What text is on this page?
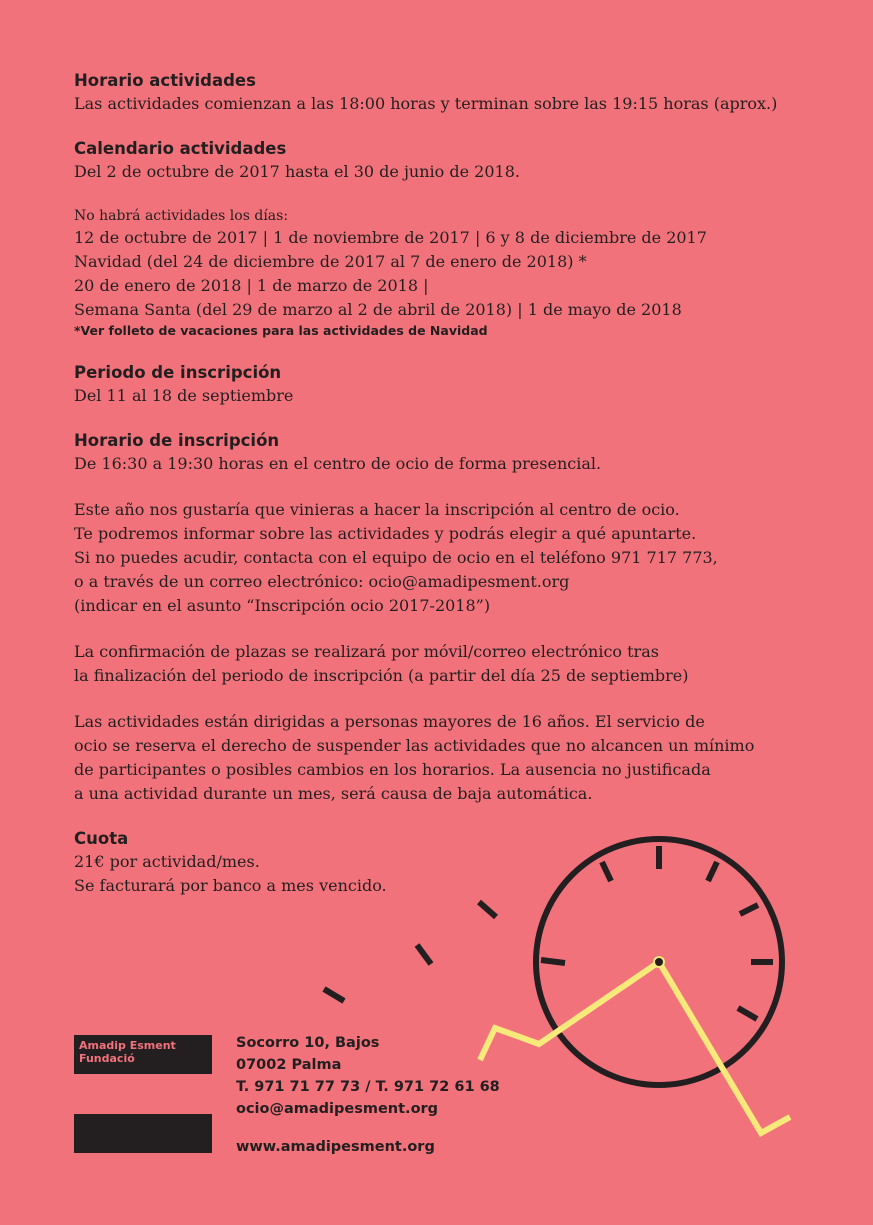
Horario actividades

Las actividades comienzan a las 18:00 horas y terminan sobre las 19:15 horas (aprox.)

Calendario actividades

Del 2 de octubre de 2017 hasta el 30 de junio de 2018.

No habrá actividades los días:

12 de octubre de 2017 | 1 de noviembre de 2017 | 6 y 8 de diciembre de 2017

Navidad (del 24 de diciembre de 2017 al 7 de enero de 2018) *

20 de enero de 2018 | 1 de marzo de 2018 |

Semana Santa (del 29 de marzo al 2 de abril de 2018) | 1 de mayo de 2018

*Ver folleto de vacaciones para las actividades de Navidad

Periodo de inscripción

Del 11 al 18 de septiembre

Horario de inscripción

De 16:30 a 19:30 horas en el centro de ocio de forma presencial.

Este año nos gustaría que vinieras a hacer la inscripción al centro de ocio.

Te podremos informar sobre las actividades y podrás elegir a qué apuntarte.

Si no puedes acudir, contacta con el equipo de ocio en el teléfono 971 717 773,

o a través de un correo electrónico: ocio@amadipesment.org

(indicar en el asunto “Inscripción ocio 2017-2018”)

La confirmación de plazas se realizará por móvil/correo electrónico tras

la finalización del periodo de inscripción (a partir del día 25 de septiembre)

Las actividades están dirigidas a personas mayores de 16 años. El servicio de

ocio se reserva el derecho de suspender las actividades que no alcancen un mínimo

de participantes o posibles cambios en los horarios. La ausencia no justificada

a una actividad durante un mes, será causa de baja automática.

Cuota

21€ por actividad/mes.

Se facturará por banco a mes vencido.

Amadip Esment
Fundació

Socorro 10, Bajos

07002 Palma

T. 971 71 77 73 / T. 971 72 61 68

ocio@amadipesment.org

www.amadipesment.org
